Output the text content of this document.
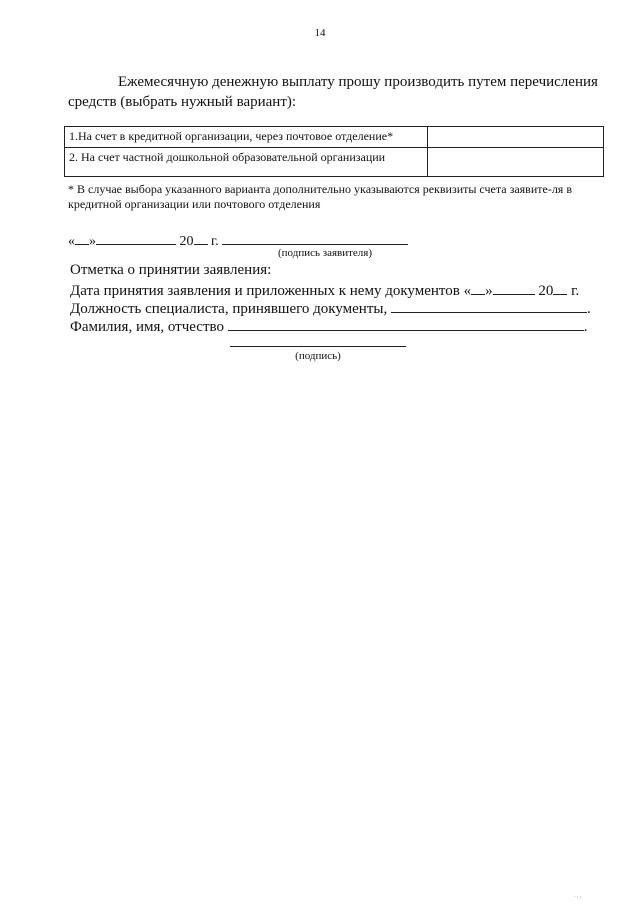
14
Ежемесячную денежную выплату прошу производить путем перечисления
средств (выбрать нужный вариант):
1.На счет в кредитной организации, через почтовое отделение*	
2. На счет частной дошкольной образовательной организации	
* В случае выбора указанного варианта дополнительно указываются реквизиты счета заявите-ля в кредитной организации или почтового отделения
« »	20 г.
(подпись заявителя)
Отметка о принятии заявления:
Дата принятия заявления и приложенных к нему документов « »	20 г.
Должность специалиста, принявшего документы,	.
Фамилия, имя, отчество	.
(подпись)
. , ,
